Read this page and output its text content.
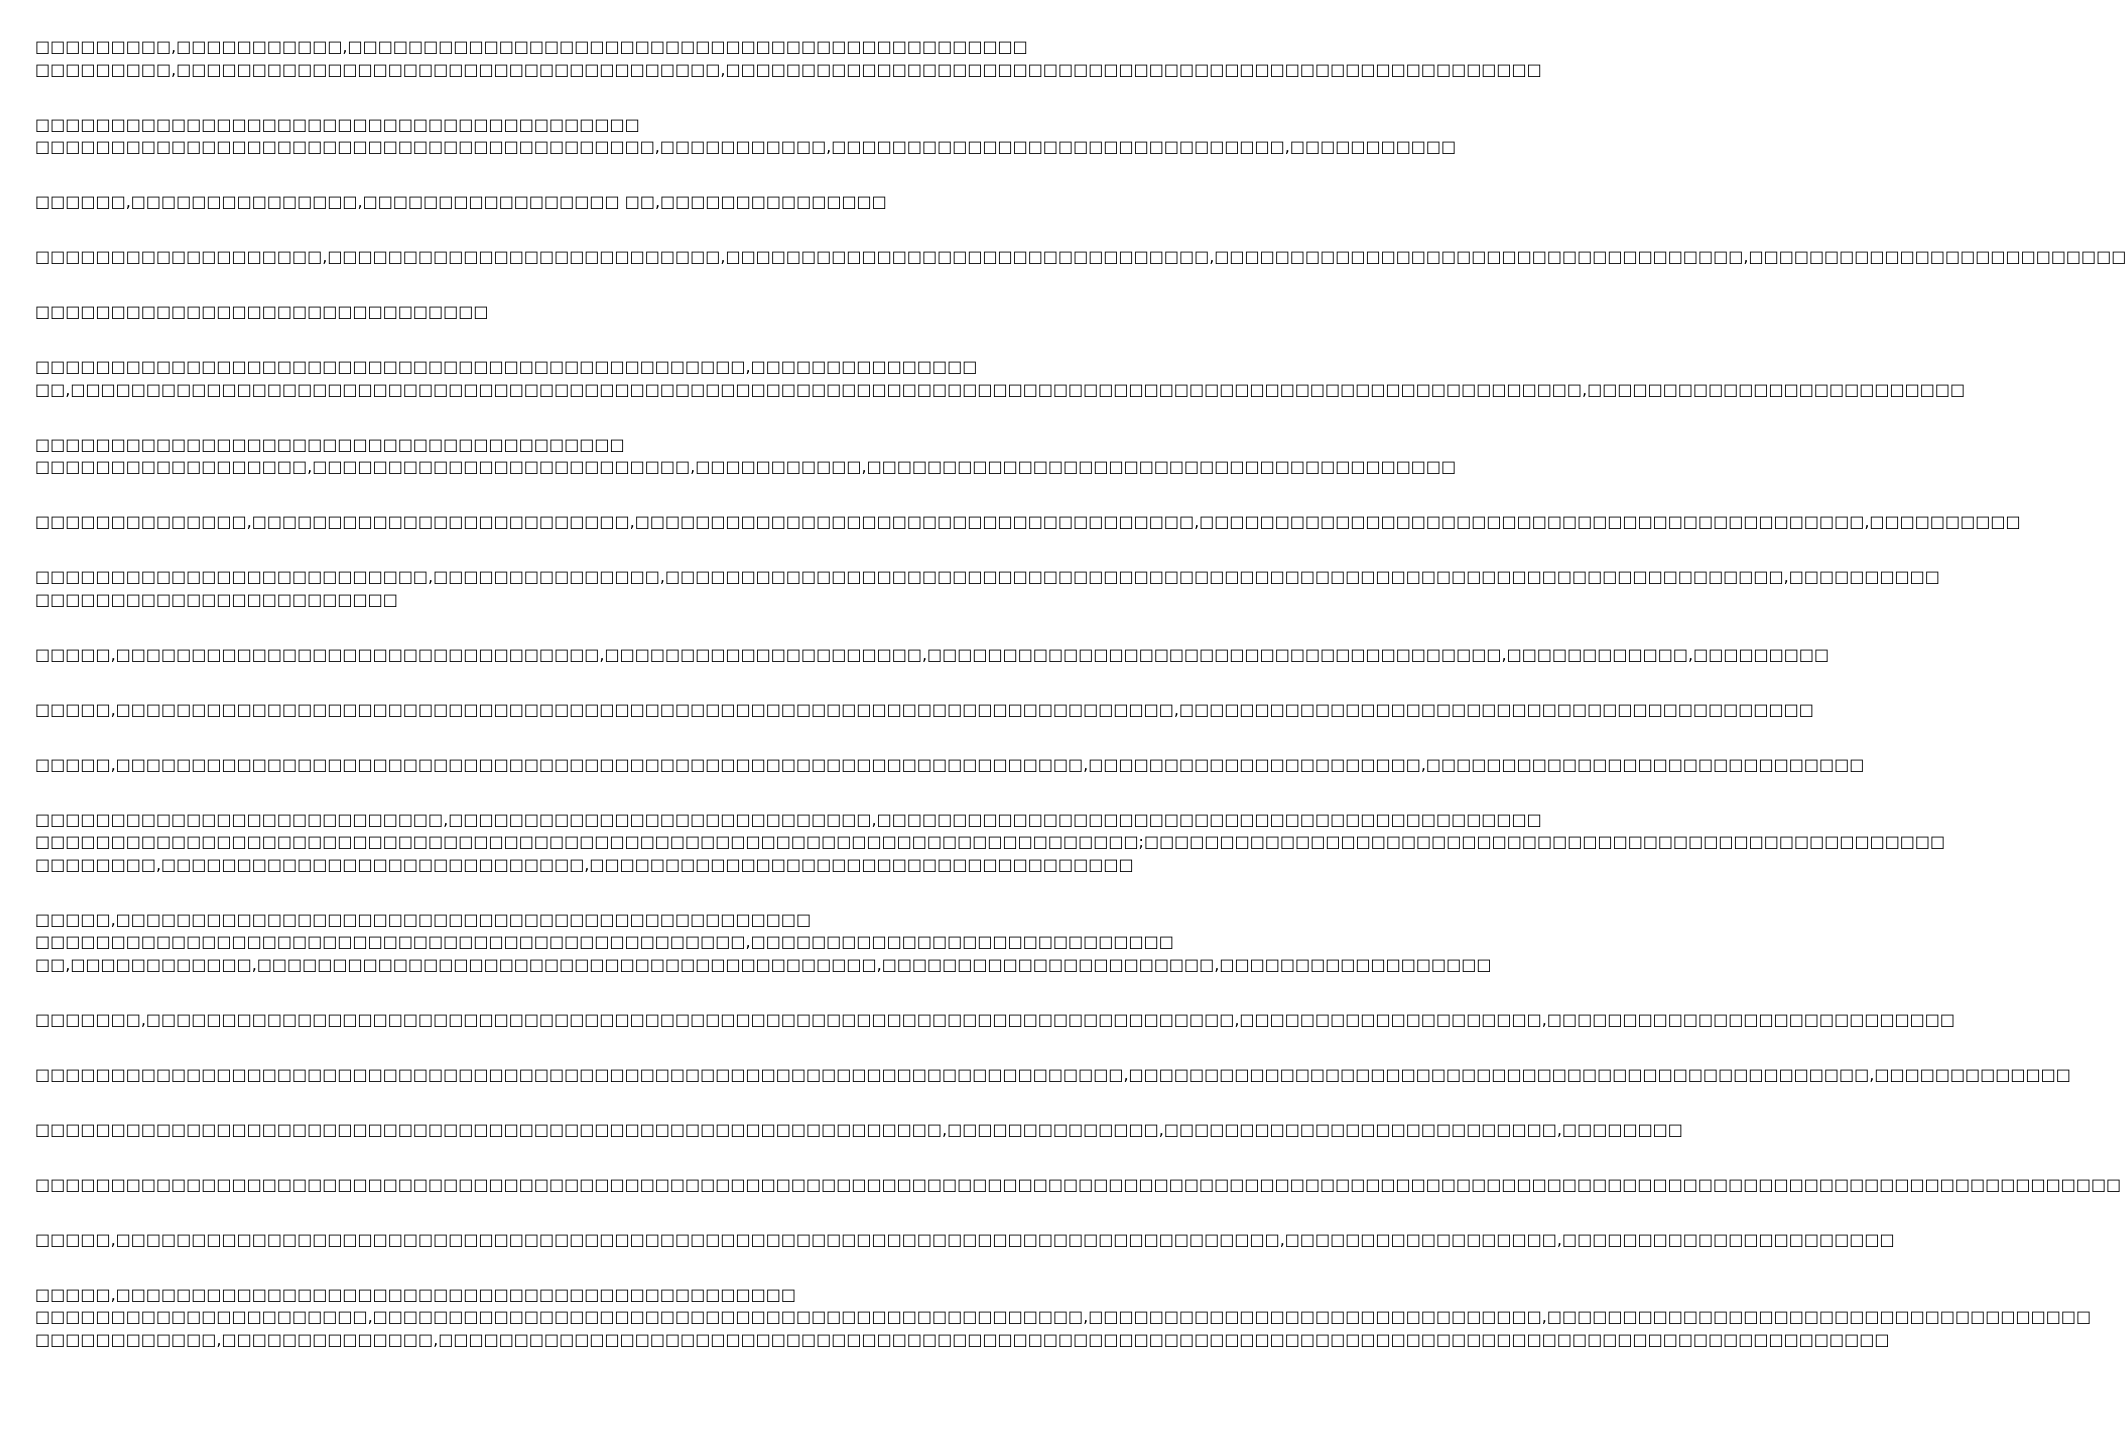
□□□□□□□□□,□□□□□□□□□□□,□□□□□□□□□□□□□□□□□□□□□□□□□□□□□□□□□□□□□□□□□□□□□
□□□□□□□□□,□□□□□□□□□□□□□□□□□□□□□□□□□□□□□□□□□□□□,□□□□□□□□□□□□□□□□□□□□□□□□□□□□□□□□□□□□□□□□□□□□□□□□□□□□□□
□□□□□□□□□□□□□□□□□□□□□□□□□□□□□□□□□□□□□□□□
□□□□□□□□□□□□□□□□□□□□□□□□□□□□□□□□□□□□□□□□□,□□□□□□□□□□□,□□□□□□□□□□□□□□□□□□□□□□□□□□□□□□,□□□□□□□□□□□
□□□□□□,□□□□□□□□□□□□□□□,□□□□□□□□□□□□□□□□□ □□,□□□□□□□□□□□□□□□
□□□□□□□□□□□□□□□□□□□,□□□□□□□□□□□□□□□□□□□□□□□□□□,□□□□□□□□□□□□□□□□□□□□□□□□□□□□□□□□,□□□□□□□□□□□□□□□□□□□□□□□□□□□□□□□□□□□,□□□□□□□□□□□□□□□□□□□□□□□□□
□□□□□□□□□□□□□□□□□□□□□□□□□□□□□□
□□□□□□□□□□□□□□□□□□□□□□□□□□□□□□□□□□□□□□□□□□□□□□□,□□□□□□□□□□□□□□□
□□,□□□□□□□□□□□□□□□□□□□□□□□□□□□□□□□□□□□□□□□□□□□□□□□□□□□□□□□□□□□□□□□□□□□□□□□□□□□□□□□□□□□□□□□□□□□□□□□□□□□□,□□□□□□□□□□□□□□□□□□□□□□□□□
□□□□□□□□□□□□□□□□□□□□□□□□□□□□□□□□□□□□□□□
□□□□□□□□□□□□□□□□□□,□□□□□□□□□□□□□□□□□□□□□□□□□,□□□□□□□□□□□,□□□□□□□□□□□□□□□□□□□□□□□□□□□□□□□□□□□□□□□
□□□□□□□□□□□□□□,□□□□□□□□□□□□□□□□□□□□□□□□□,□□□□□□□□□□□□□□□□□□□□□□□□□□□□□□□□□□□□□,□□□□□□□□□□□□□□□□□□□□□□□□□□□□□□□□□□□□□□□□□□□□,□□□□□□□□□□
□□□□□□□□□□□□□□□□□□□□□□□□□□,□□□□□□□□□□□□□□□,□□□□□□□□□□□□□□□□□□□□□□□□□□□□□□□□□□□□□□□□□□□□□□□□□□□□□□□□□□□□□□□□□□□□□□□□□□,□□□□□□□□□□
□□□□□□□□□□□□□□□□□□□□□□□□
□□□□□,□□□□□□□□□□□□□□□□□□□□□□□□□□□□□□□□,□□□□□□□□□□□□□□□□□□□□□,□□□□□□□□□□□□□□□□□□□□□□□□□□□□□□□□□□□□□□,□□□□□□□□□□□□,□□□□□□□□□
□□□□□,□□□□□□□□□□□□□□□□□□□□□□□□□□□□□□□□□□□□□□□□□□□□□□□□□□□□□□□□□□□□□□□□□□□□□□,□□□□□□□□□□□□□□□□□□□□□□□□□□□□□□□□□□□□□□□□□□
□□□□□,□□□□□□□□□□□□□□□□□□□□□□□□□□□□□□□□□□□□□□□□□□□□□□□□□□□□□□□□□□□□□□□□,□□□□□□□□□□□□□□□□□□□□□□,□□□□□□□□□□□□□□□□□□□□□□□□□□□□□
□□□□□□□□□□□□□□□□□□□□□□□□□□□,□□□□□□□□□□□□□□□□□□□□□□□□□□□□,□□□□□□□□□□□□□□□□□□□□□□□□□□□□□□□□□□□□□□□□□□□□
□□□□□□□□□□□□□□□□□□□□□□□□□□□□□□□□□□□□□□□□□□□□□□□□□□□□□□□□□□□□□□□□□□□□□□□□□;□□□□□□□□□□□□□□□□□□□□□□□□□□□□□□□□□□□□□□□□□□□□□□□□□□□□□
□□□□□□□□,□□□□□□□□□□□□□□□□□□□□□□□□□□□□,□□□□□□□□□□□□□□□□□□□□□□□□□□□□□□□□□□□□
□□□□□,□□□□□□□□□□□□□□□□□□□□□□□□□□□□□□□□□□□□□□□□□□□□□□
□□□□□□□□□□□□□□□□□□□□□□□□□□□□□□□□□□□□□□□□□□□□□□□,□□□□□□□□□□□□□□□□□□□□□□□□□□□□
□□,□□□□□□□□□□□□,□□□□□□□□□□□□□□□□□□□□□□□□□□□□□□□□□□□□□□□□□,□□□□□□□□□□□□□□□□□□□□□□,□□□□□□□□□□□□□□□□□□
□□□□□□□,□□□□□□□□□□□□□□□□□□□□□□□□□□□□□□□□□□□□□□□□□□□□□□□□□□□□□□□□□□□□□□□□□□□□□□□□,□□□□□□□□□□□□□□□□□□□□,□□□□□□□□□□□□□□□□□□□□□□□□□□□
□□□□□□□□□□□□□□□□□□□□□□□□□□□□□□□□□□□□□□□□□□□□□□□□□□□□□□□□□□□□□□□□□□□□□□□□,□□□□□□□□□□□□□□□□□□□□□□□□□□□□□□□□□□□□□□□□□□□□□□□□□,□□□□□□□□□□□□□
□□□□□□□□□□□□□□□□□□□□□□□□□□□□□□□□□□□□□□□□□□□□□□□□□□□□□□□□□□□□,□□□□□□□□□□□□□□,□□□□□□□□□□□□□□□□□□□□□□□□□□,□□□□□□□□
□□□□□□□□□□□□□□□□□□□□□□□□□□□□□□□□□□□□□□□□□□□□□□□□□□□□□□□□□□□□□□□□□□□□□□□□□□□□□□□□□□□□□□□□□□□□□□□□□□□□□□□□□□□□□□□□□□□□□□□□□□□□□□□□□□□□□□□□□□
□□□□□,□□□□□□□□□□□□□□□□□□□□□□□□□□□□□□□□□□□□□□□□□□□□□□□□□□□□□□□□□□□□□□□□□□□□□□□□□□□□□,□□□□□□□□□□□□□□□□□□,□□□□□□□□□□□□□□□□□□□□□□
□□□□□,□□□□□□□□□□□□□□□□□□□□□□□□□□□□□□□□□□□□□□□□□□□□□
□□□□□□□□□□□□□□□□□□□□□□,□□□□□□□□□□□□□□□□□□□□□□□□□□□□□□□□□□□□□□□□□□□□□□□,□□□□□□□□□□□□□□□□□□□□□□□□□□□□□□,□□□□□□□□□□□□□□□□□□□□□□□□□□□□□□□□□□□□
□□□□□□□□□□□□,□□□□□□□□□□□□□□,□□□□□□□□□□□□□□□□□□□□□□□□□□□□□□□□□□□□□□□□□□□□□□□□□□□□□□□□□□□□□□□□□□□□□□□□□□□□□□□□□□□□□□□□□□□□□□□□
